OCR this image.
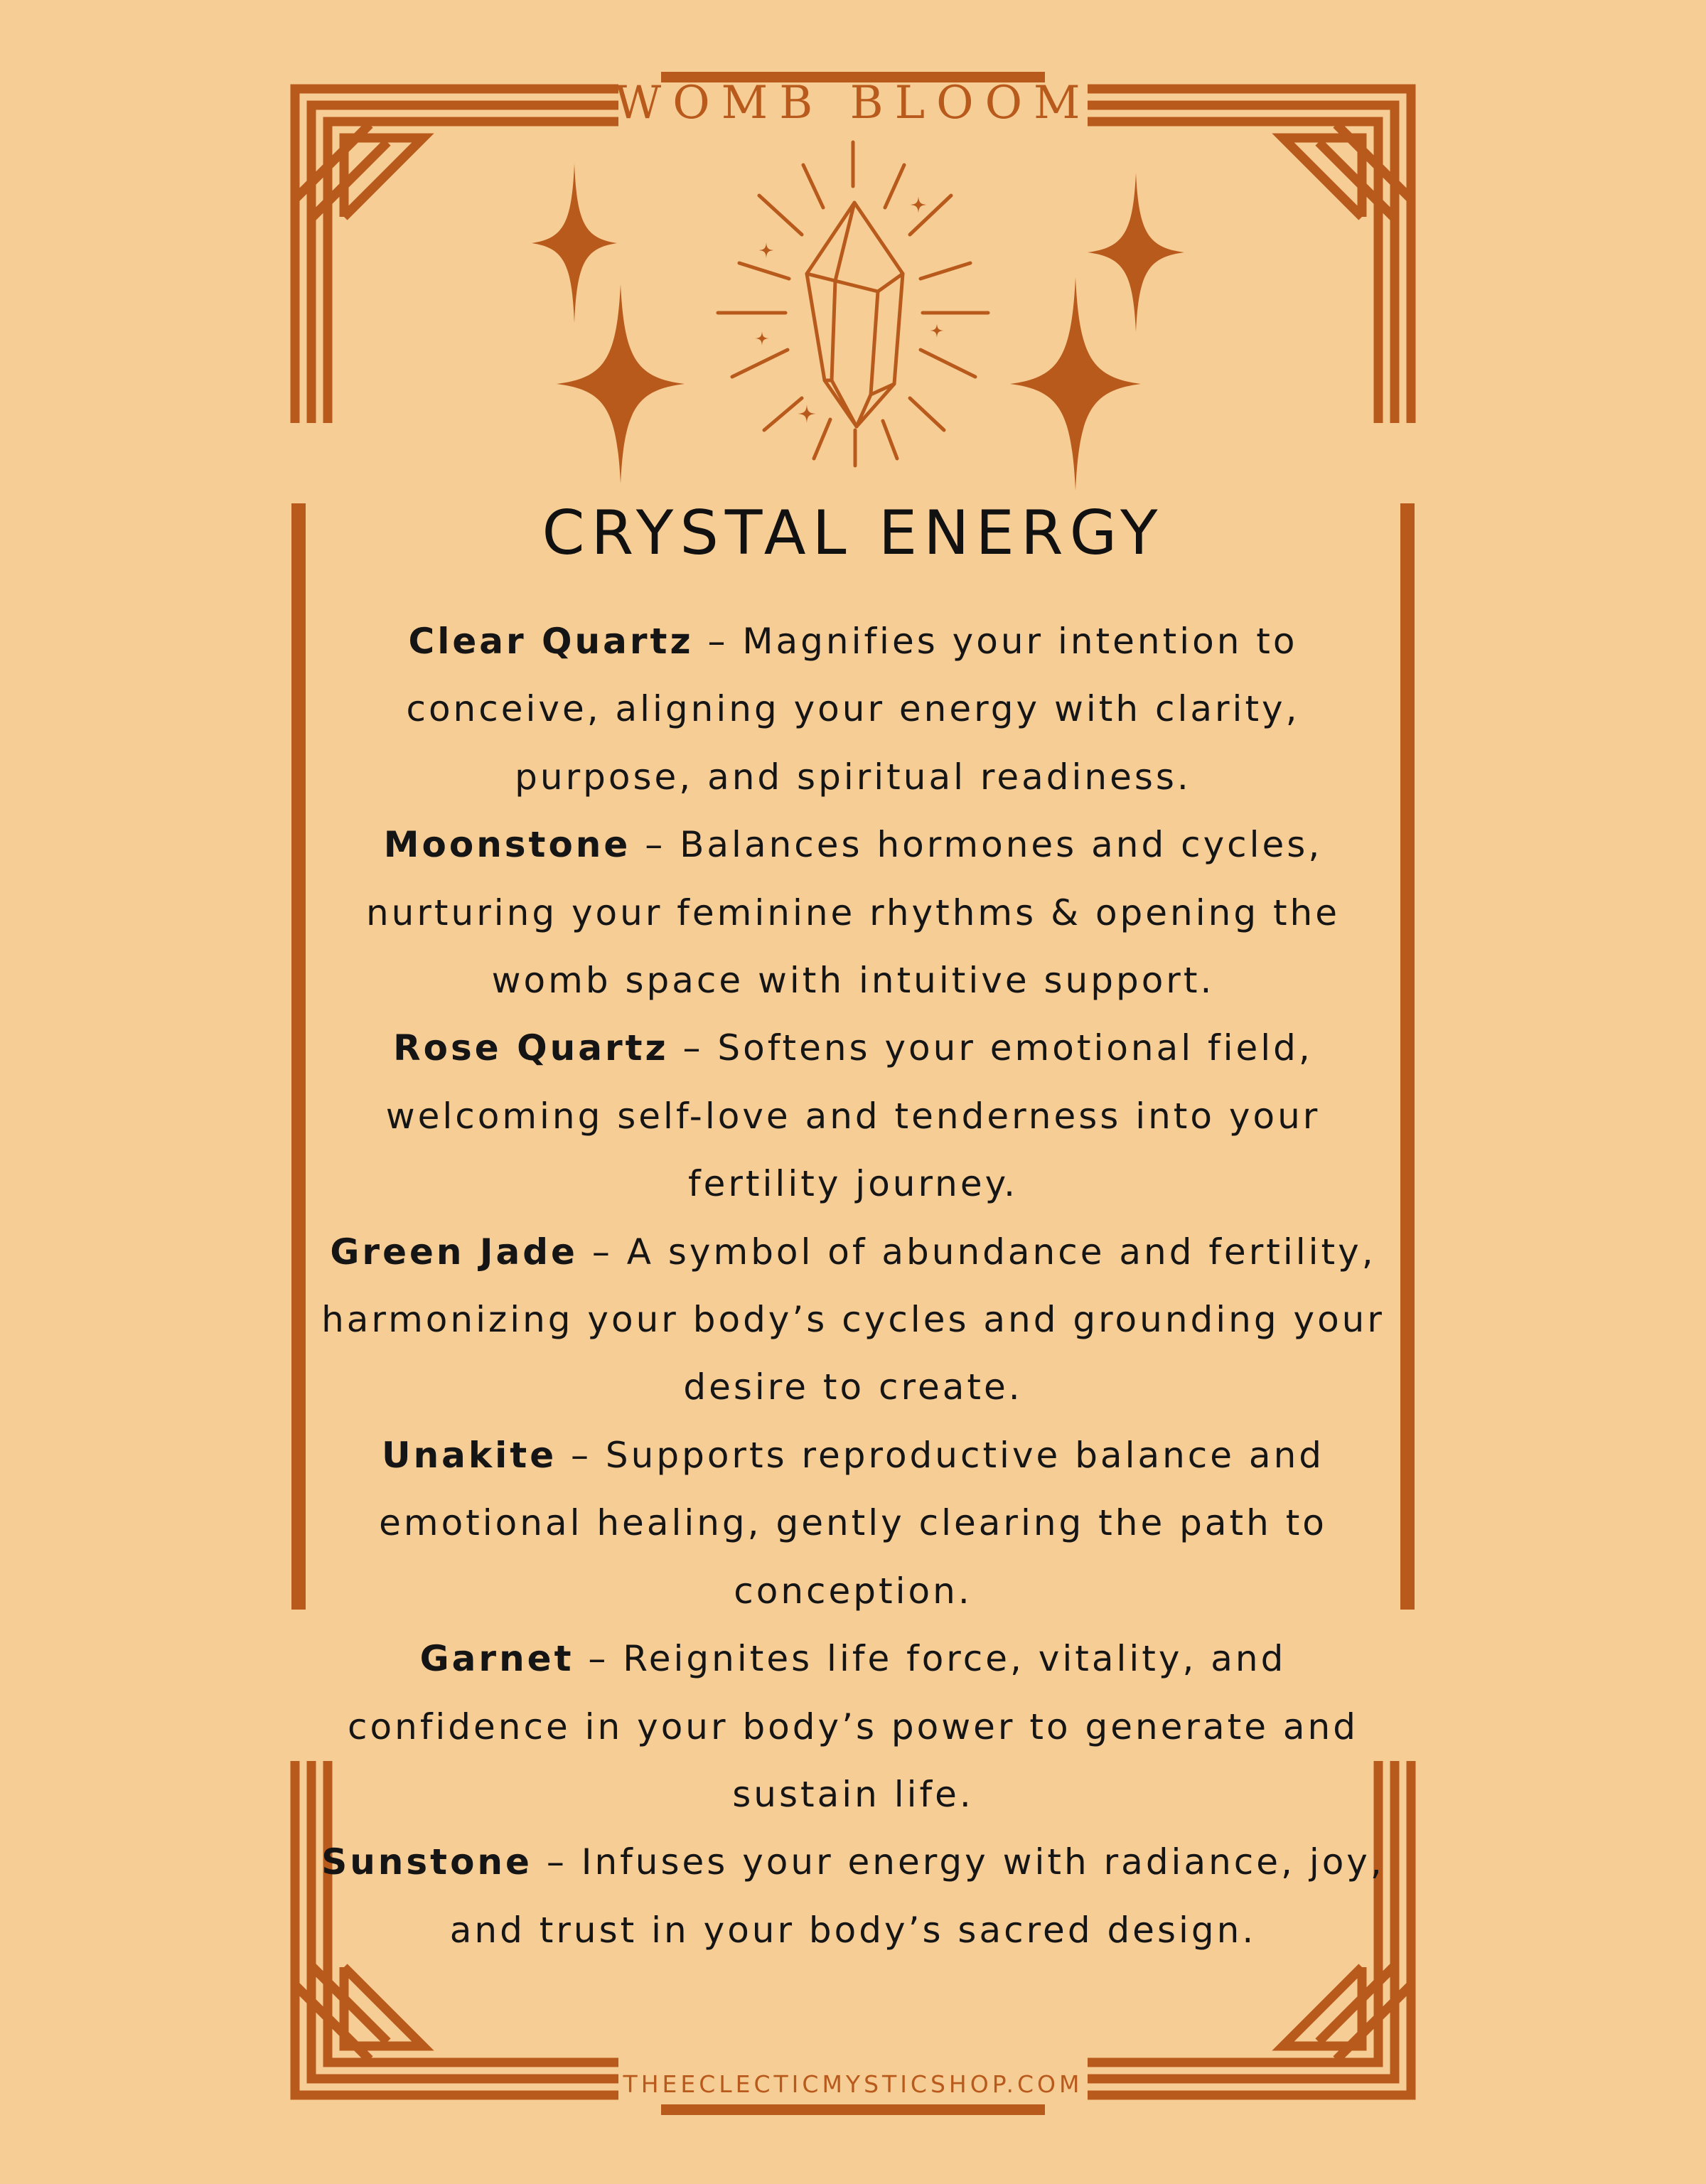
WOMB BLOOM
CRYSTAL ENERGY

Clear Quartz – Magnifies your intention to conceive, aligning your energy with clarity, purpose, and spiritual readiness.

Moonstone – Balances hormones and cycles, nurturing your feminine rhythms & opening the womb space with intuitive support.

Rose Quartz – Softens your emotional field, welcoming self-love and tenderness into your fertility journey.

Green Jade – A symbol of abundance and fertility, harmonizing your body’s cycles and grounding your desire to create.

Unakite – Supports reproductive balance and emotional healing, gently clearing the path to conception.

Garnet – Reignites life force, vitality, and confidence in your body’s power to generate and sustain life.

Sunstone – Infuses your energy with radiance, joy, and trust in your body’s sacred design.

THEECLECTICMYSTICSHOP.COM
